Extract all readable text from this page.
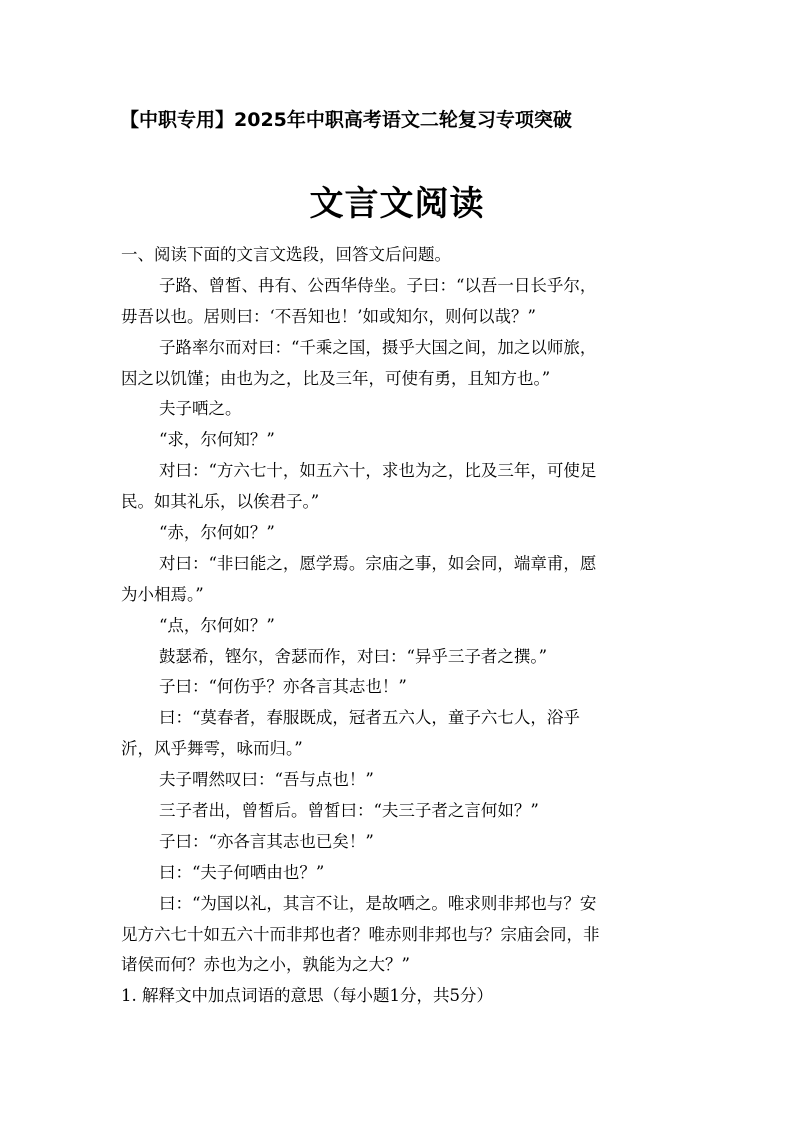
【中职专用】2025年中职高考语文二轮复习专项突破
文言文阅读
一、阅读下面的文言文选段，回答文后问题。
子路、曾皙、冉有、公西华侍坐。子曰：“以吾一日长乎尔，
毋吾以也。居则曰：‘不吾知也！’如或知尔，则何以哉？”
子路率尔而对曰：“千乘之国，摄乎大国之间，加之以师旅，
因之以饥馑；由也为之，比及三年，可使有勇，且知方也。”
夫子哂之。
“求，尔何知？”
对曰：“方六七十，如五六十，求也为之，比及三年，可使足
民。如其礼乐，以俟君子。”
“赤，尔何如？”
对曰：“非曰能之，愿学焉。宗庙之事，如会同，端章甫，愿
为小相焉。”
“点，尔何如？”
鼓瑟希，铿尔，舍瑟而作，对曰：“异乎三子者之撰。”
子曰：“何伤乎？亦各言其志也！”
曰：“莫春者，春服既成，冠者五六人，童子六七人，浴乎
沂，风乎舞雩，咏而归。”
夫子喟然叹曰：“吾与点也！”
三子者出，曾皙后。曾皙曰：“夫三子者之言何如？”
子曰：“亦各言其志也已矣！”
曰：“夫子何哂由也？”
曰：“为国以礼，其言不让，是故哂之。唯求则非邦也与？安
见方六七十如五六十而非邦也者？唯赤则非邦也与？宗庙会同，非
诸侯而何？赤也为之小，孰能为之大？”
1. 解释文中加点词语的意思（每小题1分，共5分）
